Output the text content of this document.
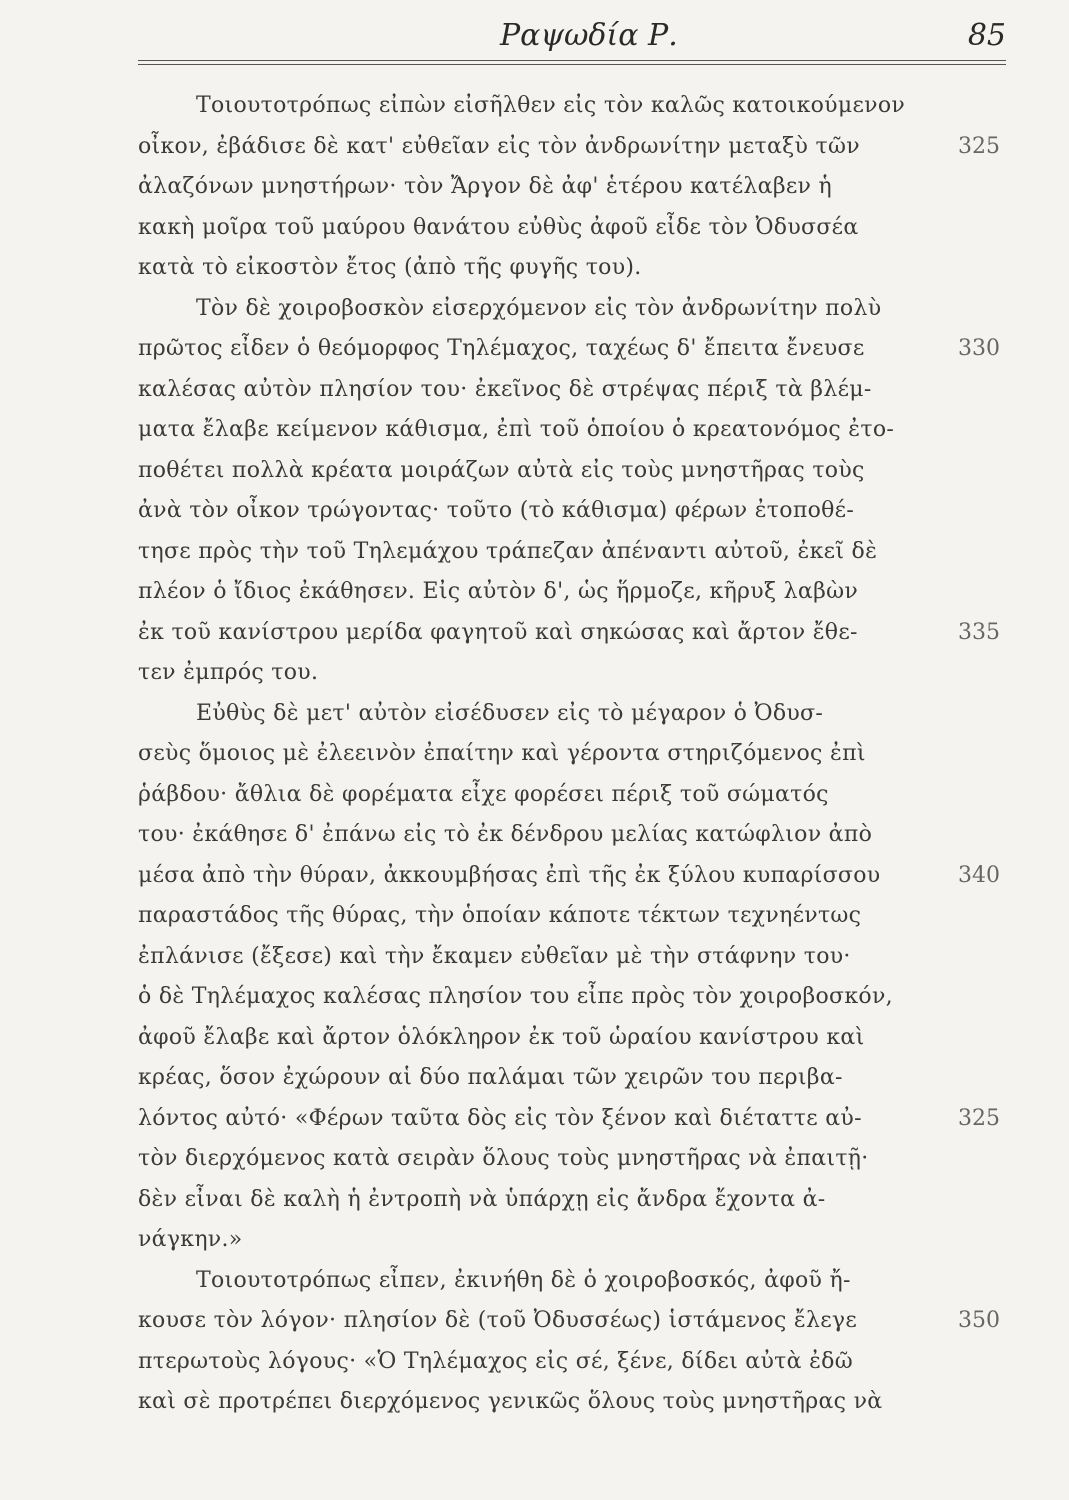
Ραψωδία Ρ.	85
Τοιουτοτρόπως εἰπὼν εἰσῆλθεν εἰς τὸν καλῶς κατοικούμενον
οἶκον, ἐβάδισε δὲ κατ' εὐθεῖαν εἰς τὸν ἀνδρωνίτην μεταξὺ τῶν
ἀλαζόνων μνηστήρων· τὸν Ἄργον δὲ ἀφ' ἑτέρου κατέλαβεν ἡ
κακὴ μοῖρα τοῦ μαύρου θανάτου εὐθὺς ἀφοῦ εἶδε τὸν Ὀδυσσέα
κατὰ τὸ εἰκοστὸν ἔτος (ἀπὸ τῆς φυγῆς του).
Τὸν δὲ χοιροβοσκὸν εἰσερχόμενον εἰς τὸν ἀνδρωνίτην πολὺ
πρῶτος εἶδεν ὁ θεόμορφος Τηλέμαχος, ταχέως δ' ἔπειτα ἔνευσε
καλέσας αὐτὸν πλησίον του· ἐκεῖνος δὲ στρέψας πέριξ τὰ βλέμ-
ματα ἔλαβε κείμενον κάθισμα, ἐπὶ τοῦ ὁποίου ὁ κρεατονόμος ἐτο-
ποθέτει πολλὰ κρέατα μοιράζων αὐτὰ εἰς τοὺς μνηστῆρας τοὺς
ἀνὰ τὸν οἶκον τρώγοντας· τοῦτο (τὸ κάθισμα) φέρων ἐτοποθέ-
τησε πρὸς τὴν τοῦ Τηλεμάχου τράπεζαν ἀπέναντι αὐτοῦ, ἐκεῖ δὲ
πλέον ὁ ἴδιος ἐκάθησεν. Εἰς αὐτὸν δ', ὡς ἥρμοζε, κῆρυξ λαβὼν
ἐκ τοῦ κανίστρου μερίδα φαγητοῦ καὶ σηκώσας καὶ ἄρτον ἔθε-
τεν ἐμπρός του.
Εὐθὺς δὲ μετ' αὐτὸν εἰσέδυσεν εἰς τὸ μέγαρον ὁ Ὀδυσ-
σεὺς ὅμοιος μὲ ἐλεεινὸν ἐπαίτην καὶ γέροντα στηριζόμενος ἐπὶ
ῥάβδου· ἄθλια δὲ φορέματα εἶχε φορέσει πέριξ τοῦ σώματός
του· ἐκάθησε δ' ἐπάνω εἰς τὸ ἐκ δένδρου μελίας κατώφλιον ἀπὸ
μέσα ἀπὸ τὴν θύραν, ἀκκουμβήσας ἐπὶ τῆς ἐκ ξύλου κυπαρίσσου
παραστάδος τῆς θύρας, τὴν ὁποίαν κάποτε τέκτων τεχνηέντως
ἐπλάνισε (ἔξεσε) καὶ τὴν ἔκαμεν εὐθεῖαν μὲ τὴν στάφνην του·
ὁ δὲ Τηλέμαχος καλέσας πλησίον του εἶπε πρὸς τὸν χοιροβοσκόν,
ἀφοῦ ἔλαβε καὶ ἄρτον ὁλόκληρον ἐκ τοῦ ὡραίου κανίστρου καὶ
κρέας, ὅσον ἐχώρουν αἱ δύο παλάμαι τῶν χειρῶν του περιβα-
λόντος αὐτό· «Φέρων ταῦτα δὸς εἰς τὸν ξένον καὶ διέταττε αὐ-
τὸν διερχόμενος κατὰ σειρὰν ὅλους τοὺς μνηστῆρας νὰ ἐπαιτῇ·
δὲν εἶναι δὲ καλὴ ἡ ἐντροπὴ νὰ ὑπάρχῃ εἰς ἄνδρα ἔχοντα ἀ-
νάγκην.»
Τοιουτοτρόπως εἶπεν, ἐκινήθη δὲ ὁ χοιροβοσκός, ἀφοῦ ἤ-
κουσε τὸν λόγον· πλησίον δὲ (τοῦ Ὀδυσσέως) ἱστάμενος ἔλεγε
πτερωτοὺς λόγους· «Ὁ Τηλέμαχος εἰς σέ, ξένε, δίδει αὐτὰ ἐδῶ
καὶ σὲ προτρέπει διερχόμενος γενικῶς ὅλους τοὺς μνηστῆρας νὰ
325
330
335
340
325
350
